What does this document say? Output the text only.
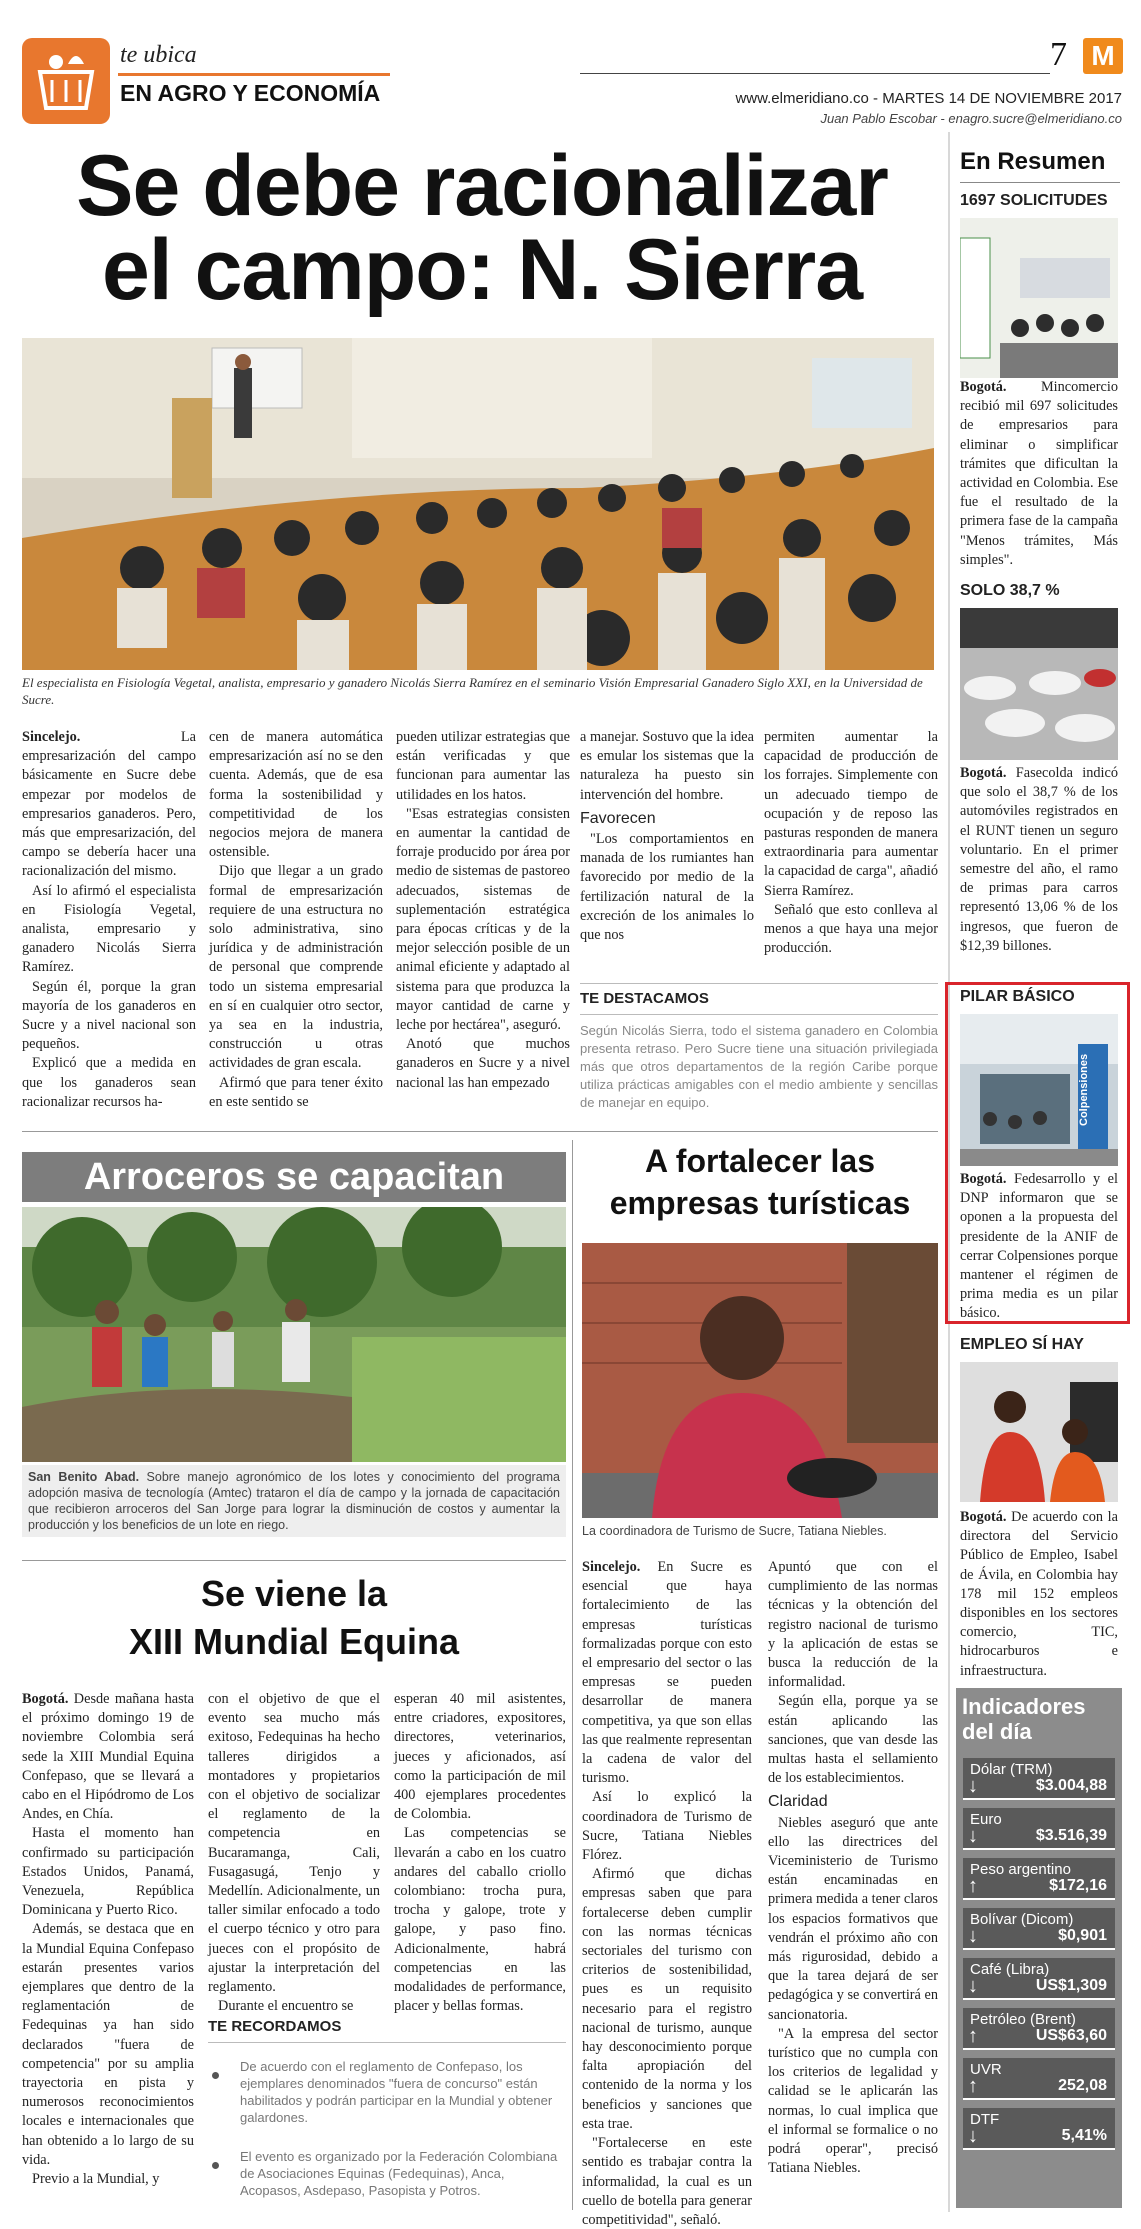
te ubica
EN AGRO Y ECONOMÍA
7 M
www.elmeridiano.co - MARTES 14 DE NOVIEMBRE 2017
Juan Pablo Escobar - enagro.sucre@elmeridiano.co
Se debe racionalizar
el campo: N. Sierra
El especialista en Fisiología Vegetal, analista, empresario y ganadero Nicolás Sierra Ramírez en el seminario Visión Empresarial Ganadero Siglo XXI, en la Universidad de Sucre.

Sincelejo. La empresarización del campo básicamente en Sucre debe empezar por modelos de empresarios ganaderos. Pero, más que empresarización, del campo se debería hacer una racionalización del mismo.

Así lo afirmó el especialista en Fisiología Vegetal, analista, empresario y ganadero Nicolás Sierra Ramírez.

Según él, porque la gran mayoría de los ganaderos en Sucre y a nivel nacional son pequeños.

Explicó que a medida en que los ganaderos sean racionalizar recursos ha-

cen de manera automática empresarización así no se den cuenta. Además, que de esa forma la sostenibilidad y competitividad de los negocios mejora de manera ostensible.

Dijo que llegar a un grado formal de empresarización requiere de una estructura no solo administrativa, sino jurídica y de administración de personal que comprende todo un sistema empresarial en sí en cualquier otro sector, ya sea en la industria, construcción u otras actividades de gran escala.

Afirmó que para tener éxito en este sentido se

pueden utilizar estrategias que están verificadas y que funcionan para aumentar las utilidades en los hatos.

"Esas estrategias consisten en aumentar la cantidad de forraje producido por área por medio de sistemas de pastoreo adecuados, sistemas de suplementación estratégica para épocas críticas y de la mejor selección posible de un animal eficiente y adaptado al sistema para que produzca la mayor cantidad de carne y leche por hectárea", aseguró.

Anotó que muchos ganaderos en Sucre y a nivel nacional las han empezado

a manejar. Sostuvo que la idea es emular los sistemas que la naturaleza ha puesto sin intervención del hombre.

Favorecen

"Los comportamientos en manada de los rumiantes han favorecido por medio de la fertilización natural de la excreción de los animales lo que nos

permiten aumentar la capacidad de producción de los forrajes. Simplemente con un adecuado tiempo de ocupación y de reposo las pasturas responden de manera extraordinaria para aumentar la capacidad de carga", añadió Sierra Ramírez.

Señaló que esto conlleva al menos a que haya una mejor producción.

TE DESTACAMOS
Según Nicolás Sierra, todo el sistema ganadero en Colombia presenta retraso. Pero Sucre tiene una situación privilegiada más que otros departamentos de la región Caribe porque utiliza prácticas amigables con el medio ambiente y sencillas de manejar en equipo.
Arroceros se capacitan
San Benito Abad. Sobre manejo agronómico de los lotes y conocimiento del programa adopción masiva de tecnología (Amtec) trataron el día de campo y la jornada de capacitación que recibieron arroceros del San Jorge para lograr la disminución de costos y aumentar la producción y los beneficios de un lote en riego.
A fortalecer las
empresas turísticas
La coordinadora de Turismo de Sucre, Tatiana Niebles.

Sincelejo. En Sucre es esencial que haya fortalecimiento de las empresas turísticas formalizadas porque con esto el empresario del sector o las empresas se pueden desarrollar de manera competitiva, ya que son ellas las que realmente representan la cadena de valor del turismo.

Así lo explicó la coordinadora de Turismo de Sucre, Tatiana Niebles Flórez.

Afirmó que dichas empresas saben que para fortalecerse deben cumplir con las normas técnicas sectoriales del turismo con criterios de sostenibilidad, pues es un requisito necesario para el registro nacional de turismo, aunque hay desconocimiento porque falta apropiación del contenido de la norma y los beneficios y sanciones que esta trae.

"Fortalecerse en este sentido es trabajar contra la informalidad, la cual es un cuello de botella para generar competitividad", señaló.

Apuntó que con el cumplimiento de las normas técnicas y la obtención del registro nacional de turismo y la aplicación de estas se busca la reducción de la informalidad.

Según ella, porque ya se están aplicando las sanciones, que van desde las multas hasta el sellamiento de los establecimientos.

Claridad

Niebles aseguró que ante ello las directrices del Viceministerio de Turismo están encaminadas en primera medida a tener claros los espacios formativos que vendrán el próximo año con más rigurosidad, debido a que la tarea dejará de ser pedagógica y se convertirá en sancionatoria.

"A la empresa del sector turístico que no cumpla con los criterios de legalidad y calidad se le aplicarán las normas, lo cual implica que el informal se formalice o no podrá operar", precisó Tatiana Niebles.

Se viene la
XIII Mundial Equina

Bogotá. Desde mañana hasta el próximo domingo 19 de noviembre Colombia será sede la XIII Mundial Equina Confepaso, que se llevará a cabo en el Hipódromo de Los Andes, en Chía.

Hasta el momento han confirmado su participación Estados Unidos, Panamá, Venezuela, República Dominicana y Puerto Rico.

Además, se destaca que en la Mundial Equina Confepaso estarán presentes varios ejemplares que dentro de la reglamentación de Fedequinas ya han sido declarados "fuera de competencia" por su amplia trayectoria en pista y numerosos reconocimientos locales e internacionales que han obtenido a lo largo de su vida.

Previo a la Mundial, y

con el objetivo de que el evento sea mucho más exitoso, Fedequinas ha hecho talleres dirigidos a montadores y propietarios con el objetivo de socializar el reglamento de la competencia en Bucaramanga, Cali, Fusagasugá, Tenjo y Medellín. Adicionalmente, un taller similar enfocado a todo el cuerpo técnico y otro para jueces con el propósito de ajustar la interpretación del reglamento.

Durante el encuentro se

esperan 40 mil asistentes, entre criadores, expositores, directores, veterinarios, jueces y aficionados, así como la participación de mil 400 ejemplares procedentes de Colombia.

Las competencias se llevarán a cabo en los cuatro andares del caballo criollo colombiano: trocha pura, trocha y galope, trote y galope, y paso fino. Adicionalmente, habrá competencias en las modalidades de performance, placer y bellas formas.

TE RECORDAMOS
De acuerdo con el reglamento de Confepaso, los ejemplares denominados "fuera de concurso" están habilitados y podrán participar en la Mundial y obtener galardones.
El evento es organizado por la Federación Colombiana de Asociaciones Equinas (Fedequinas), Anca, Acopasos, Asdepaso, Pasopista y Potros.
En Resumen
1697 SOLICITUDES
Bogotá. Mincomercio recibió mil 697 solicitudes de empresarios para eliminar o simplificar trámites que dificultan la actividad en Colombia. Ese fue el resultado de la primera fase de la campaña "Menos trámites, Más simples".
SOLO 38,7 %
Bogotá. Fasecolda indicó que solo el 38,7 % de los automóviles registrados en el RUNT tienen un seguro voluntario. En el primer semestre del año, el ramo de primas para carros representó 13,06 % de los ingresos, que fueron de $12,39 billones.
PILAR BÁSICO
Colpensiones
Bogotá. Fedesarrollo y el DNP informaron que se oponen a la propuesta del presidente de la ANIF de cerrar Colpensiones porque mantener el régimen de prima media es un pilar básico.
EMPLEO SÍ HAY
Bogotá. De acuerdo con la directora del Servicio Público de Empleo, Isabel de Ávila, en Colombia hay 178 mil 152 empleos disponibles en los sectores comercio, TIC, hidrocarburos e infraestructura.
Indicadores
del día
Dólar (TRM)
↓	$3.004,88
Euro
↓	$3.516,39
Peso argentino
↑	$172,16
Bolívar (Dicom)
↓	$0,901
Café (Libra)
↓	US$1,309
Petróleo (Brent)
↑	US$63,60
UVR
↑	252,08
DTF
↓	5,41%
